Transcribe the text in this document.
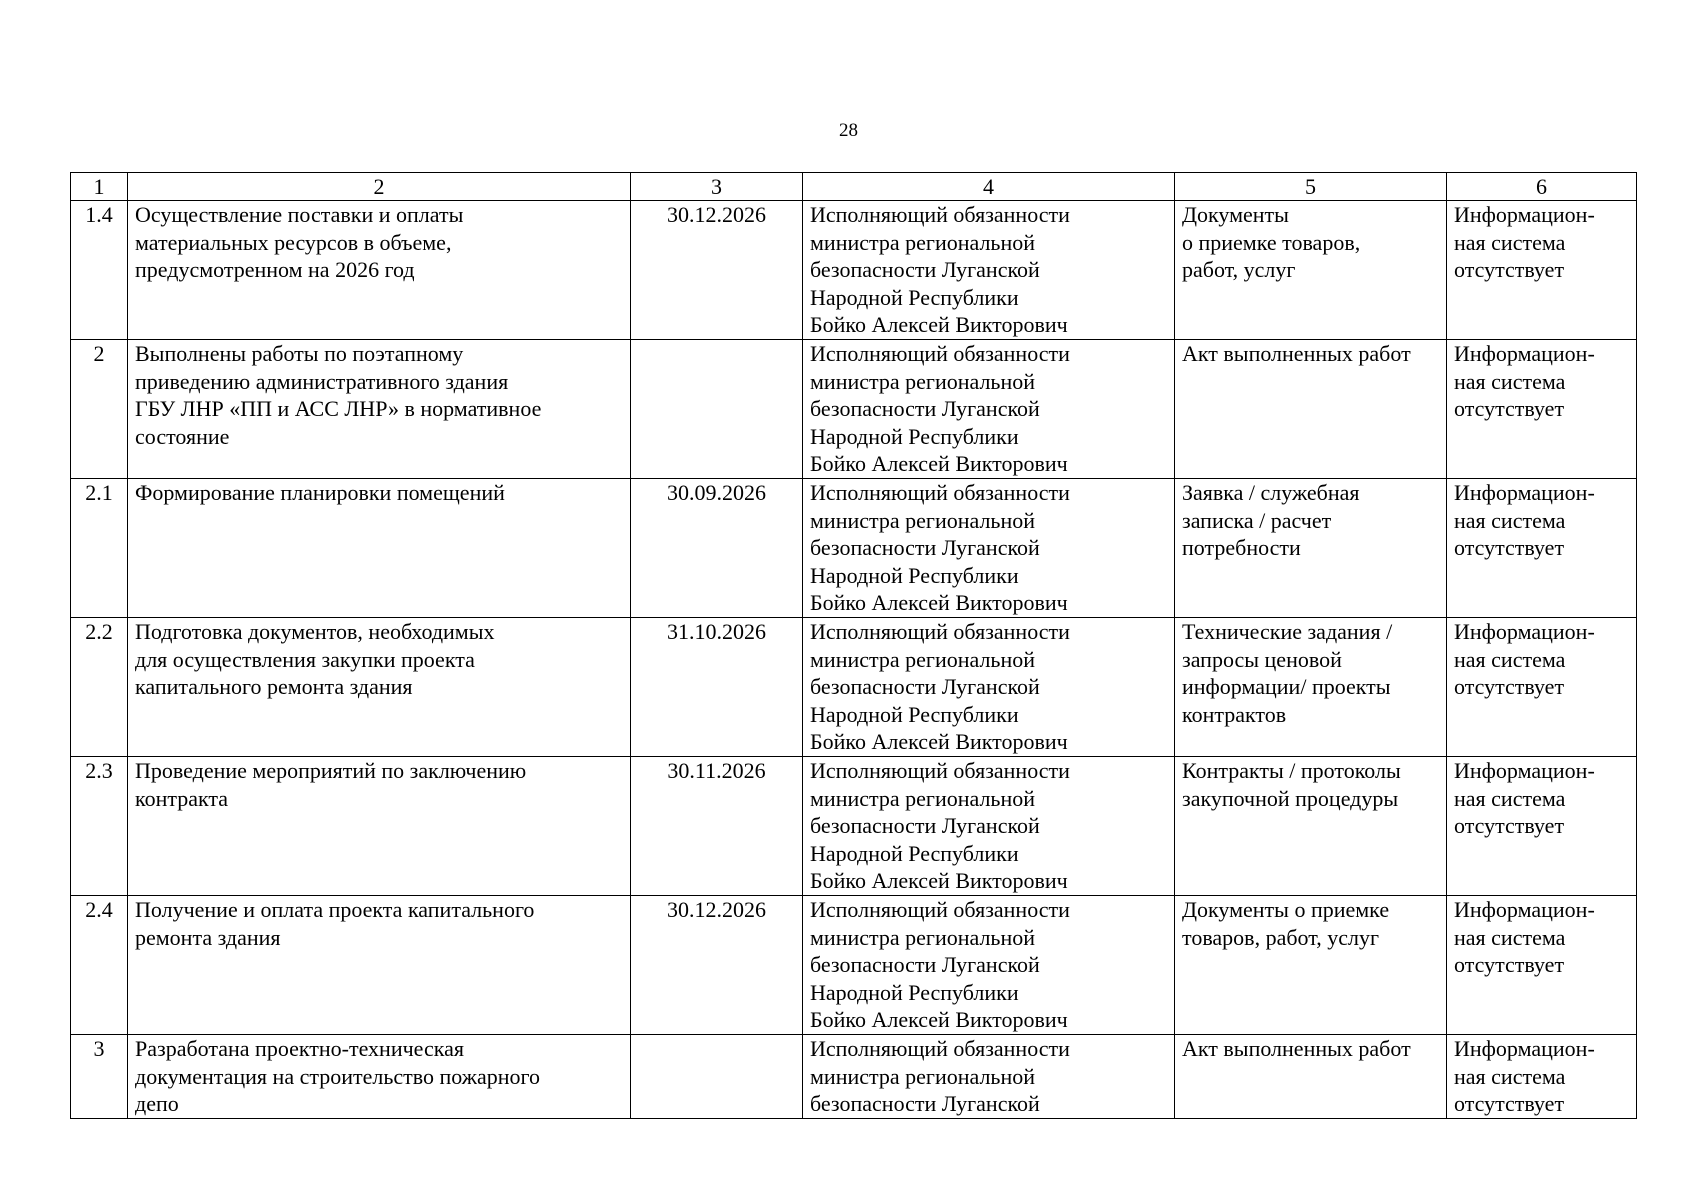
28
1	2	3	4	5	6

1.4	Осуществление поставки и оплаты
материальных ресурсов в объеме,
предусмотренном на 2026 год	30.12.2026	Исполняющий обязанности
министра региональной
безопасности Луганской
Народной Республики
Бойко Алексей Викторович	Документы
о приемке товаров,
работ, услуг	Информацион-
ная система
отсутствует

2	Выполнены работы по поэтапному
приведению административного здания
ГБУ ЛНР «ПП и АСС ЛНР» в нормативное
состояние		Исполняющий обязанности
министра региональной
безопасности Луганской
Народной Республики
Бойко Алексей Викторович	Акт выполненных работ	Информацион-
ная система
отсутствует

2.1	Формирование планировки помещений	30.09.2026	Исполняющий обязанности
министра региональной
безопасности Луганской
Народной Республики
Бойко Алексей Викторович	Заявка / служебная
записка / расчет
потребности	Информацион-
ная система
отсутствует

2.2	Подготовка документов, необходимых
для осуществления закупки проекта
капитального ремонта здания	31.10.2026	Исполняющий обязанности
министра региональной
безопасности Луганской
Народной Республики
Бойко Алексей Викторович	Технические задания /
запросы ценовой
информации/ проекты
контрактов	Информацион-
ная система
отсутствует

2.3	Проведение мероприятий по заключению
контракта	30.11.2026	Исполняющий обязанности
министра региональной
безопасности Луганской
Народной Республики
Бойко Алексей Викторович	Контракты / протоколы
закупочной процедуры	Информацион-
ная система
отсутствует

2.4	Получение и оплата проекта капитального
ремонта здания	30.12.2026	Исполняющий обязанности
министра региональной
безопасности Луганской
Народной Республики
Бойко Алексей Викторович	Документы о приемке
товаров, работ, услуг	Информацион-
ная система
отсутствует

3	Разработана проектно-техническая
документация на строительство пожарного
депо		Исполняющий обязанности
министра региональной
безопасности Луганской	Акт выполненных работ	Информацион-
ная система
отсутствует
